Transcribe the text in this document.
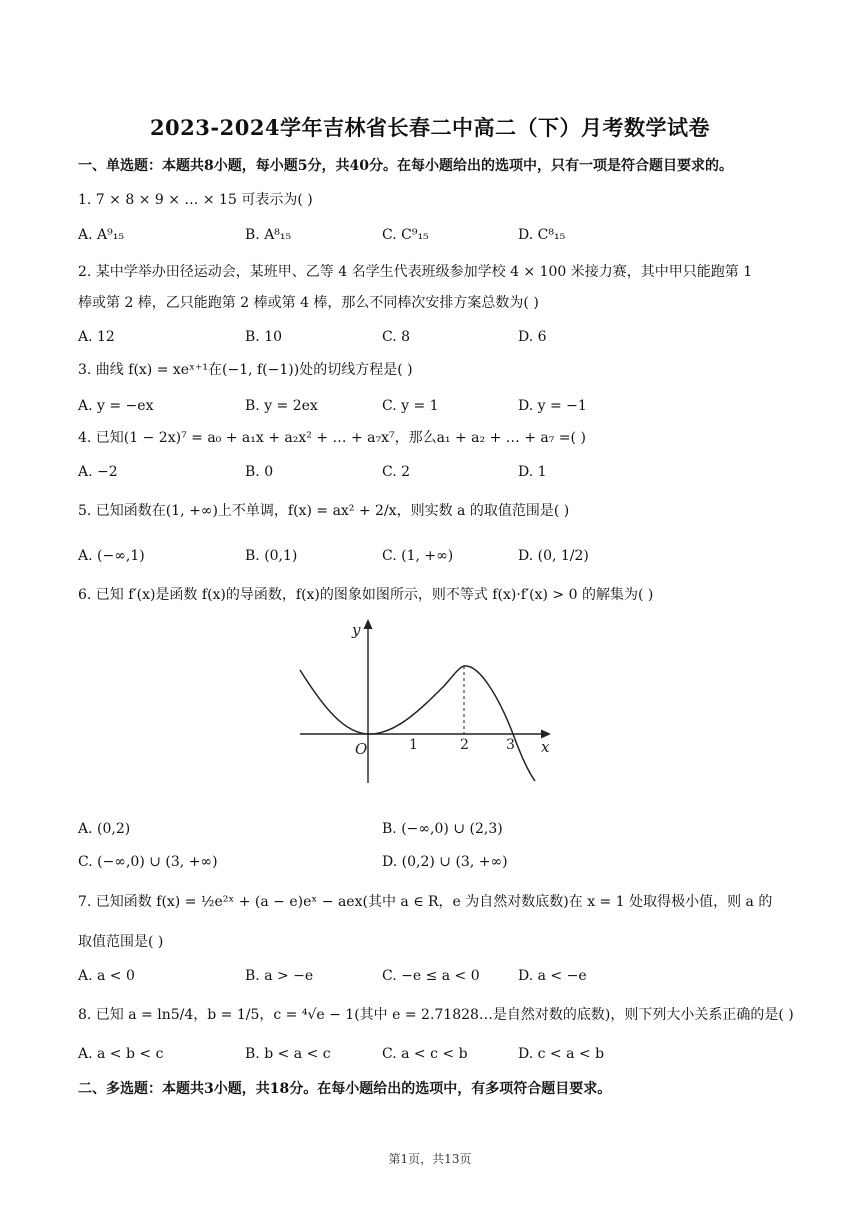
2023-2024学年吉林省长春二中高二（下）月考数学试卷
一、单选题：本题共8小题，每小题5分，共40分。在每小题给出的选项中，只有一项是符合题目要求的。
1. 7 × 8 × 9 × … × 15 可表示为( )
A. A⁹₁₅	B. A⁸₁₅	C. C⁹₁₅	D. C⁸₁₅
2. 某中学举办田径运动会，某班甲、乙等 4 名学生代表班级参加学校 4 × 100 米接力赛，其中甲只能跑第 1
棒或第 2 棒，乙只能跑第 2 棒或第 4 棒，那么不同棒次安排方案总数为( )
A. 12	B. 10	C. 8	D. 6
3. 曲线 f(x) = xeˣ⁺¹在(−1, f(−1))处的切线方程是( )
A. y = −ex	B. y = 2ex	C. y = 1	D. y = −1
4. 已知(1 − 2x)⁷ = a₀ + a₁x + a₂x² + … + a₇x⁷，那么a₁ + a₂ + … + a₇ =( )
A. −2	B. 0	C. 2	D. 1
5. 已知函数在(1, +∞)上不单调，f(x) = ax² + 2/x，则实数 a 的取值范围是( )
A. (−∞,1)	B. (0,1)	C. (1, +∞)	D. (0, 1/2)
6. 已知 f′(x)是函数 f(x)的导函数，f(x)的图象如图所示，则不等式 f(x)·f′(x) > 0 的解集为( )
y
x
O	1	2	3
A. (0,2)	B. (−∞,0) ∪ (2,3)
C. (−∞,0) ∪ (3, +∞)	D. (0,2) ∪ (3, +∞)
7. 已知函数 f(x) = ½e²ˣ + (a − e)eˣ − aex(其中 a ∈ R，e 为自然对数底数)在 x = 1 处取得极小值，则 a 的
取值范围是( )
A. a < 0	B. a > −e	C. −e ≤ a < 0	D. a < −e
8. 已知 a = ln5/4，b = 1/5，c = ⁴√e − 1(其中 e = 2.71828…是自然对数的底数)，则下列大小关系正确的是( )
A. a < b < c	B. b < a < c	C. a < c < b	D. c < a < b
二、多选题：本题共3小题，共18分。在每小题给出的选项中，有多项符合题目要求。
第1页，共13页
